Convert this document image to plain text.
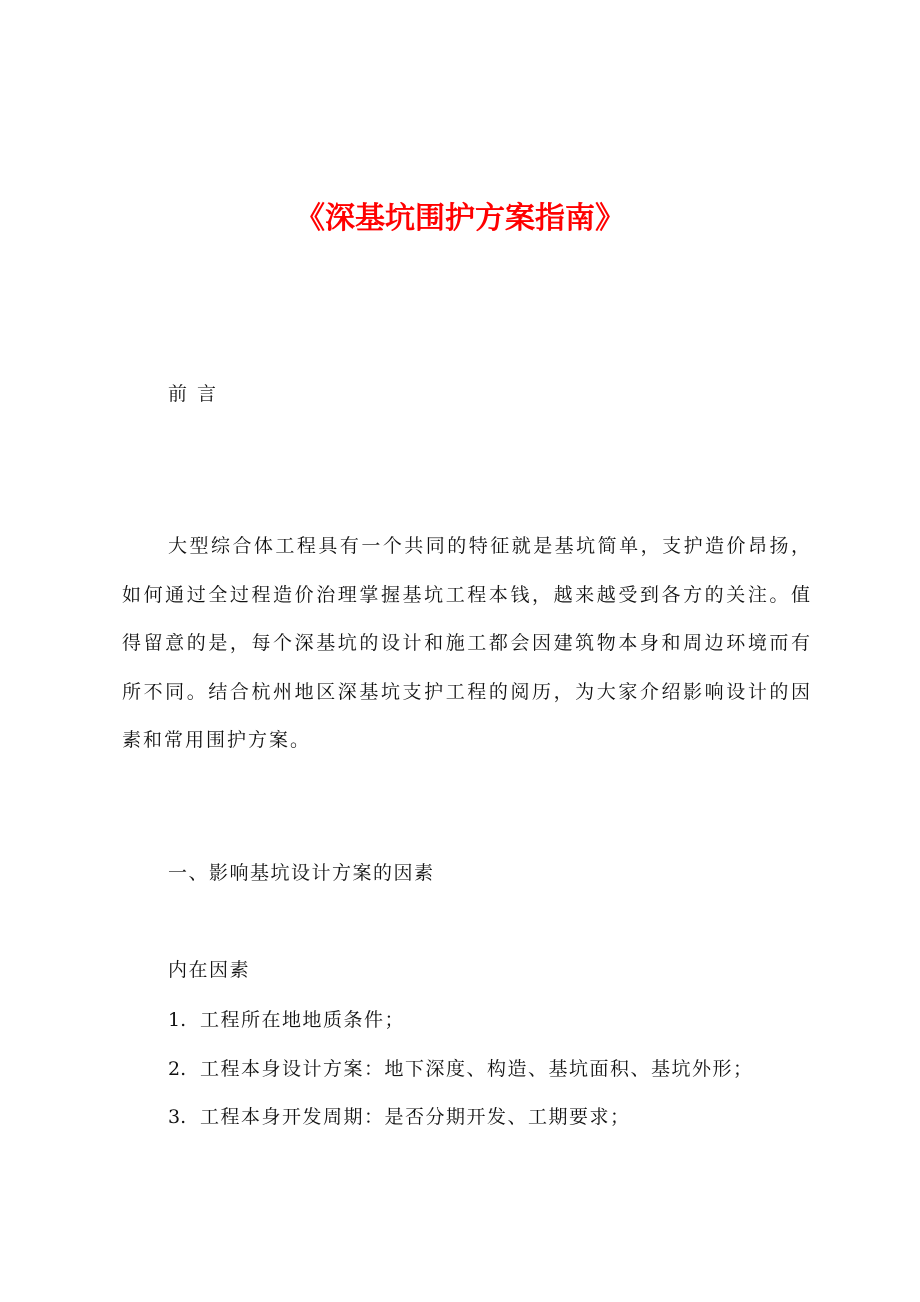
《深基坑围护方案指南》

前言

大型综合体工程具有一个共同的特征就是基坑简单，支护造价昂扬，如何通过全过程造价治理掌握基坑工程本钱，越来越受到各方的关注。值得留意的是，每个深基坑的设计和施工都会因建筑物本身和周边环境而有所不同。结合杭州地区深基坑支护工程的阅历，为大家介绍影响设计的因素和常用围护方案。

一、影响基坑设计方案的因素

内在因素

1. 工程所在地地质条件；
2. 工程本身设计方案：地下深度、构造、基坑面积、基坑外形；
3. 工程本身开发周期：是否分期开发、工期要求；
